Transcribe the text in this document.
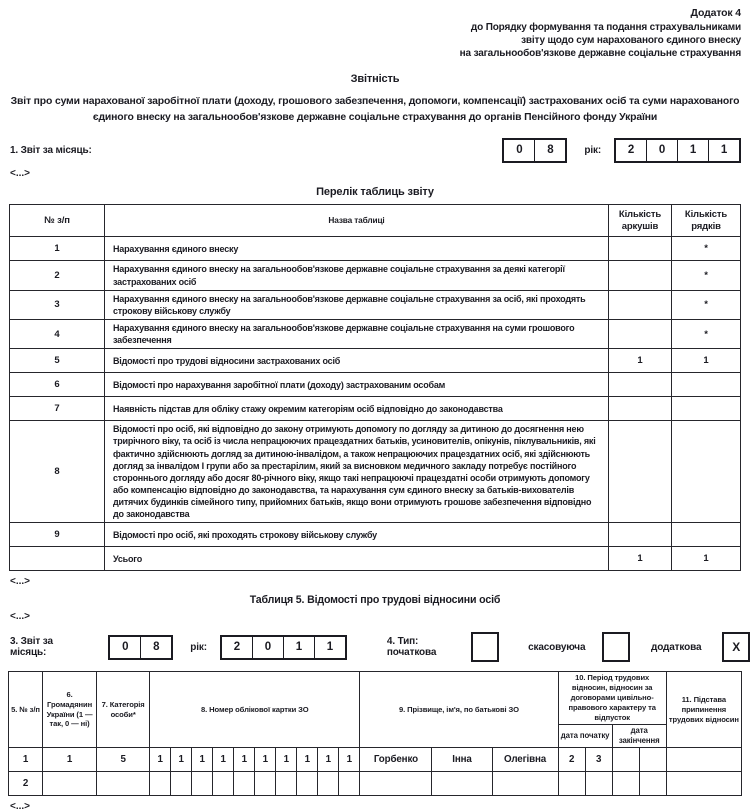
Додаток 4
до Порядку формування та подання страхувальниками
звіту щодо сум нарахованого єдиного внеску
на загальнообов'язкове державне соціальне страхування
Звітність
Звіт про суми нарахованої заробітної плати (доходу, грошового забезпечення, допомоги, компенсації) застрахованих осіб та суми нарахованого єдиного внеску на загальнообов'язкове державне соціальне страхування до органів Пенсійного фонду України
1. Звіт за місяць:	0	8	рік:	2	0	1	1
<...>
Перелік таблиць звіту
№ з/п	Назва таблиці	Кількість аркушів	Кількість рядків
1	Нарахування єдиного внеску		*
2	Нарахування єдиного внеску на загальнообов'язкове державне соціальне страхування за деякі категорії застрахованих осіб		*
3	Нарахування єдиного внеску на загальнообов'язкове державне соціальне страхування за осіб, які проходять строкову військову службу		*
4	Нарахування єдиного внеску на загальнообов'язкове державне соціальне страхування на суми грошового забезпечення		*
5	Відомості про трудові відносини застрахованих осіб	1	1
6	Відомості про нарахування заробітної плати (доходу) застрахованим особам		
7	Наявність підстав для обліку стажу окремим категоріям осіб відповідно до законодавства		
8	Відомості про осіб, які відповідно до закону отримують допомогу по догляду за дитиною до досягнення нею трирічного віку, та осіб із числа непрацюючих працездатних батьків, усиновителів, опікунів, піклувальників, які фактично здійснюють догляд за дитиною-інвалідом, а також непрацюючих працездатних осіб, які здійснюють догляд за інвалідом І групи або за престарілим, який за висновком медичного закладу потребує постійного стороннього догляду або досяг 80-річного віку, якщо такі непрацюючі працездатні особи отримують допомогу або компенсацію відповідно до законодавства, та нарахування сум єдиного внеску за батьків-вихователів дитячих будинків сімейного типу, прийомних батьків, якщо вони отримують грошове забезпечення відповідно до законодавства		
9	Відомості про осіб, які проходять строкову військову службу		
	Усього	1	1
<...>
Таблиця 5. Відомості про трудові відносини осіб
<...>
3. Звіт за місяць:	0	8	рік:	2	0	1	1	4. Тип: початкова	скасовуюча	додаткова	X
5. № з/п	6. Громадянин України (1 — так, 0 — ні)	7. Категорія особи*	8. Номер облікової картки ЗО										9. Прізвище, ім'я, по батькові ЗО			10. Період трудових відносин, відносин за договорами цивільно-правового характеру та відпусток				11. Підстава припинення трудових відносин
																дата початку		дата закінчення		
1	1	5	1	1	1	1	1	1	1	1	1	1	Горбенко	Інна	Олегівна	2	3			
2																				
<...>
